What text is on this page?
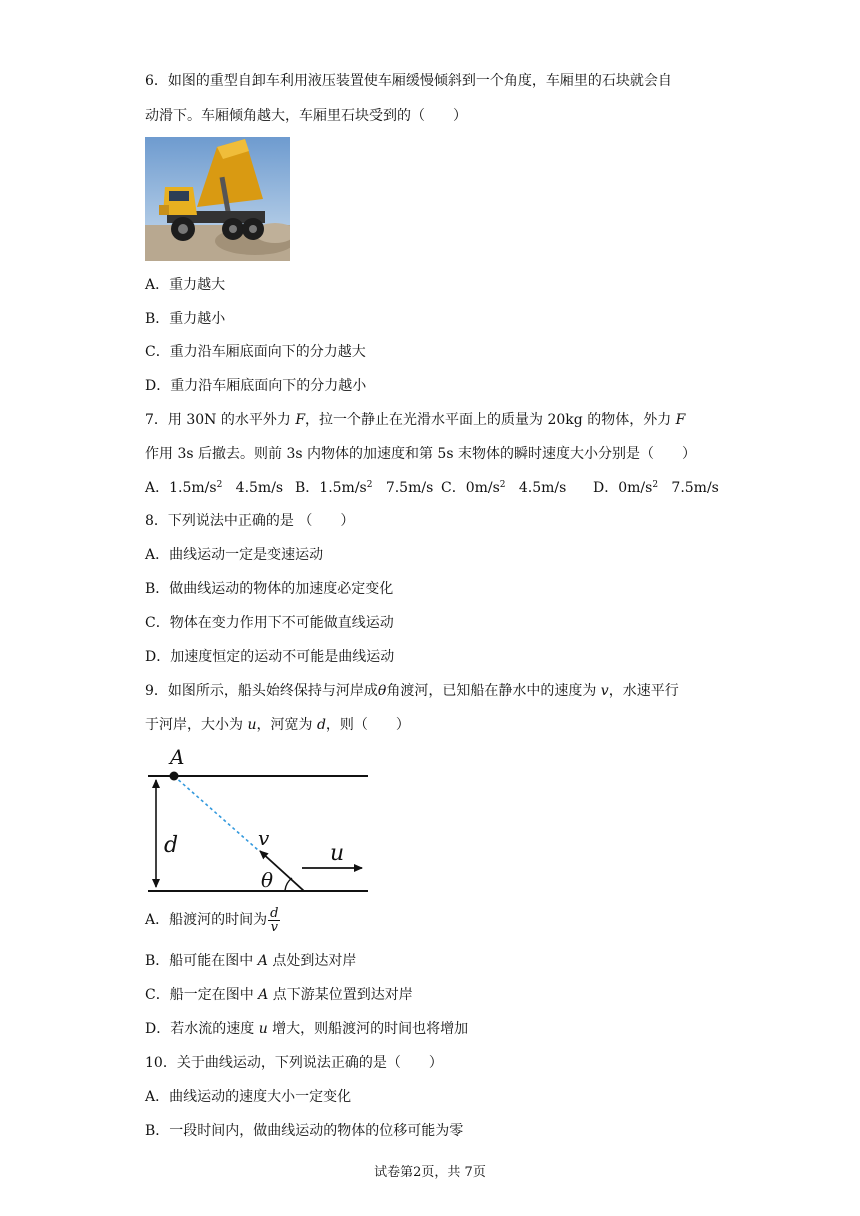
6．如图的重型自卸车利用液压装置使车厢缓慢倾斜到一个角度，车厢里的石块就会自
动滑下。车厢倾角越大，车厢里石块受到的（　　）
A．重力越大
B．重力越小
C．重力沿车厢底面向下的分力越大
D．重力沿车厢底面向下的分力越小
7．用 30N 的水平外力 F，拉一个静止在光滑水平面上的质量为 20kg 的物体，外力 F
作用 3s 后撤去。则前 3s 内物体的加速度和第 5s 末物体的瞬时速度大小分别是（　　）
A．$1.5m/s^2$ 4.5m/s B．$1.5m/s^2$ 7.5m/s C．$0m/s^2$ 4.5m/s D．$0m/s^2$ 7.5m/s
8．下列说法中正确的是 （　　）
A．曲线运动一定是变速运动
B．做曲线运动的物体的加速度必定变化
C．物体在变力作用下不可能做直线运动
D．加速度恒定的运动不可能是曲线运动
9．如图所示，船头始终保持与河岸成θ角渡河，已知船在静水中的速度为 v，水速平行
于河岸，大小为 u，河宽为 d，则（　　）
A
d	v
u
θ
A．船渡河的时间为 $\frac{d}{v}$
B．船可能在图中 A 点处到达对岸
C．船一定在图中 A 点下游某位置到达对岸
D．若水流的速度 u 增大，则船渡河的时间也将增加
10．关于曲线运动，下列说法正确的是（　　）
A．曲线运动的速度大小一定变化
B．一段时间内，做曲线运动的物体的位移可能为零
试卷第2页，共 7页
